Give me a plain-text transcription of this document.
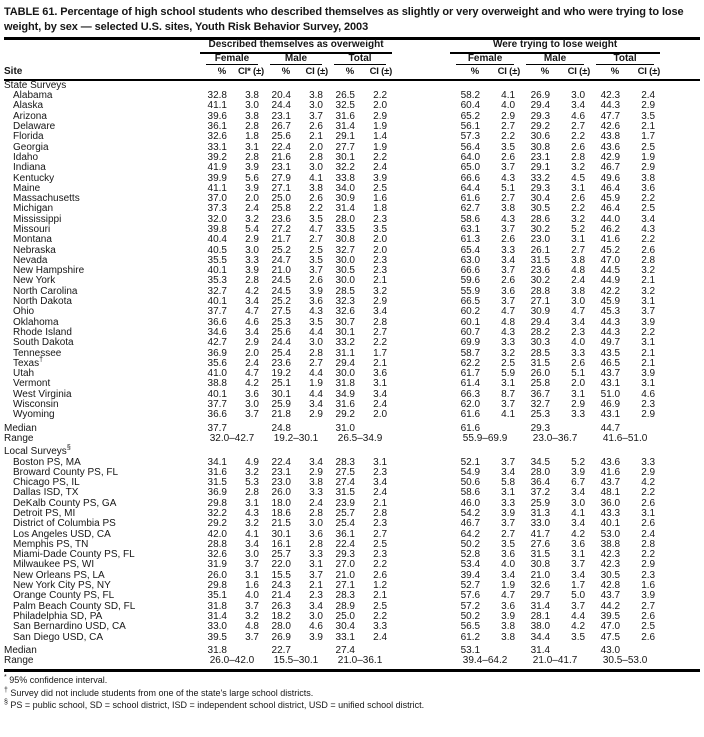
TABLE 61. Percentage of high school students who described themselves as slightly or very overweight and who were trying to lose weight, by sex — selected U.S. sites, Youth Risk Behavior Survey, 2003

	Described themselves as overweight							Were trying to lose weight						

	Female		Male		Total			Female		Male		Total		

Site	%	CI* (±)	%	CI (±)	%	CI (±)		%	CI (±)	%	CI (±)	%	CI (±)	
State Surveys														
Alabama	32.8	3.8	20.4	3.8	26.5	2.2		58.2	4.1	26.9	3.0	42.3	2.4	
Alaska	41.1	3.0	24.4	3.0	32.5	2.0		60.4	4.0	29.4	3.4	44.3	2.9	
Arizona	39.6	3.8	23.1	3.7	31.6	2.9		65.2	2.9	29.3	4.6	47.7	3.5	
Delaware	36.1	2.8	26.7	2.6	31.4	1.9		56.1	2.7	29.2	2.7	42.6	2.1	
Florida	32.6	1.8	25.6	2.1	29.1	1.4		57.3	2.2	30.6	2.2	43.8	1.7	
Georgia	33.1	3.1	22.4	2.0	27.7	1.9		56.4	3.5	30.8	2.6	43.6	2.5	
Idaho	39.2	2.8	21.6	2.8	30.1	2.2		64.0	2.6	23.1	2.8	42.9	1.9	
Indiana	41.9	3.9	23.1	3.0	32.2	2.4		65.0	3.7	29.1	3.2	46.7	2.9	
Kentucky	39.9	5.6	27.9	4.1	33.8	3.9		66.6	4.3	33.2	4.5	49.6	3.8	
Maine	41.1	3.9	27.1	3.8	34.0	2.5		64.4	5.1	29.3	3.1	46.4	3.6	
Massachusetts	37.0	2.0	25.0	2.6	30.9	1.6		61.6	2.7	30.4	2.6	45.9	2.2	
Michigan	37.3	2.4	25.8	2.2	31.4	1.8		62.7	3.8	30.5	2.2	46.4	2.5	
Mississippi	32.0	3.2	23.6	3.5	28.0	2.3		58.6	4.3	28.6	3.2	44.0	3.4	
Missouri	39.8	5.4	27.2	4.7	33.5	3.5		63.1	3.7	30.2	5.2	46.2	4.3	
Montana	40.4	2.9	21.7	2.7	30.8	2.0		61.3	2.6	23.0	3.1	41.6	2.2	
Nebraska	40.5	3.0	25.2	2.5	32.7	2.0		65.4	3.3	26.1	2.7	45.2	2.6	
Nevada	35.5	3.3	24.7	3.5	30.0	2.3		63.0	3.4	31.5	3.8	47.0	2.8	
New Hampshire	40.1	3.9	21.0	3.7	30.5	2.3		66.6	3.7	23.6	4.8	44.5	3.2	
New York	35.3	2.8	24.5	2.6	30.0	2.1		59.6	2.6	30.2	2.4	44.9	2.1	
North Carolina	32.7	4.2	24.5	3.9	28.5	3.2		55.9	3.6	28.8	3.8	42.2	3.2	
North Dakota	40.1	3.4	25.2	3.6	32.3	2.9		66.5	3.7	27.1	3.0	45.9	3.1	
Ohio	37.7	4.7	27.5	4.3	32.6	3.4		60.2	4.7	30.9	4.7	45.3	3.7	
Oklahoma	36.6	4.6	25.3	3.5	30.7	2.8		60.1	4.8	29.4	3.4	44.3	3.9	
Rhode Island	34.6	3.4	25.6	4.4	30.1	2.7		60.7	4.3	28.2	2.3	44.3	2.2	
South Dakota	42.7	2.9	24.4	3.0	33.2	2.2		69.9	3.3	30.3	4.0	49.7	3.1	
Tennessee	36.9	2.0	25.4	2.8	31.1	1.7		58.7	3.2	28.5	3.3	43.5	2.1	
Texas†	35.6	2.4	23.6	2.7	29.4	2.1		62.2	2.5	31.5	2.6	46.5	2.1	
Utah	41.0	4.7	19.2	4.4	30.0	3.6		61.7	5.9	26.0	5.1	43.7	3.9	
Vermont	38.8	4.2	25.1	1.9	31.8	3.1		61.4	3.1	25.8	2.0	43.1	3.1	
West Virginia	40.1	3.6	30.1	4.4	34.9	3.4		66.3	8.7	36.7	3.1	51.0	4.6	
Wisconsin	37.7	3.0	25.9	3.4	31.6	2.4		62.0	3.7	32.7	2.9	46.9	2.3	
Wyoming	36.6	3.7	21.8	2.9	29.2	2.0		61.6	4.1	25.3	3.3	43.1	2.9	
Median	37.7		24.8		31.0			61.6		29.3		44.7		
Range	32.0–42.7		19.2–30.1		26.5–34.9			55.9–69.9		23.0–36.7		41.6–51.0		
Local Surveys§	
Boston PS, MA	34.1	4.9	22.4	3.4	28.3	3.1		52.1	3.7	34.5	5.2	43.6	3.3	
Broward County PS, FL	31.6	3.2	23.1	2.9	27.5	2.3		54.9	3.4	28.0	3.9	41.6	2.9	
Chicago PS, IL	31.5	5.3	23.0	3.8	27.4	3.4		50.6	5.8	36.4	6.7	43.7	4.2	
Dallas ISD, TX	36.9	2.8	26.0	3.3	31.5	2.4		58.6	3.1	37.2	3.4	48.1	2.2	
DeKalb County PS, GA	29.8	3.1	18.0	2.4	23.9	2.1		46.0	3.3	25.9	3.0	36.0	2.6	
Detroit PS, MI	32.2	4.3	18.6	2.8	25.7	2.8		54.2	3.9	31.3	4.1	43.3	3.1	
District of Columbia PS	29.2	3.2	21.5	3.0	25.4	2.3		46.7	3.7	33.0	3.4	40.1	2.6	
Los Angeles USD, CA	42.0	4.1	30.1	3.6	36.1	2.7		64.2	2.7	41.7	4.2	53.0	2.4	
Memphis PS, TN	28.8	3.4	16.1	2.8	22.4	2.5		50.2	3.5	27.6	3.6	38.8	2.8	
Miami-Dade County PS, FL	32.6	3.0	25.7	3.3	29.3	2.3		52.8	3.6	31.5	3.1	42.3	2.2	
Milwaukee PS, WI	31.9	3.7	22.0	3.1	27.0	2.2		53.4	4.0	30.8	3.7	42.3	2.9	
New Orleans PS, LA	26.0	3.1	15.5	3.7	21.0	2.6		39.4	3.4	21.0	3.4	30.5	2.3	
New York City PS, NY	29.8	1.6	24.3	2.1	27.1	1.2		52.7	1.9	32.6	1.7	42.8	1.6	
Orange County PS, FL	35.1	4.0	21.4	2.3	28.3	2.1		57.6	4.7	29.7	5.0	43.7	3.9	
Palm Beach County SD, FL	31.8	3.7	26.3	3.4	28.9	2.5		57.2	3.6	31.4	3.7	44.2	2.7	
Philadelphia SD, PA	31.4	3.2	18.2	3.0	25.0	2.2		50.2	3.9	28.1	4.4	39.5	2.6	
San Bernardino USD, CA	33.0	4.8	28.0	4.6	30.4	3.3		56.5	3.8	38.0	4.2	47.0	2.5	
San Diego USD, CA	39.5	3.7	26.9	3.9	33.1	2.4		61.2	3.8	34.4	3.5	47.5	2.6	
Median	31.8		22.7		27.4			53.1		31.4		43.0		
Range	26.0–42.0		15.5–30.1		21.0–36.1			39.4–64.2		21.0–41.7		30.5–53.0		
* 95% confidence interval.
† Survey did not include students from one of the state's large school districts.
§ PS = public school, SD = school district, ISD = independent school district, USD = unified school district.
